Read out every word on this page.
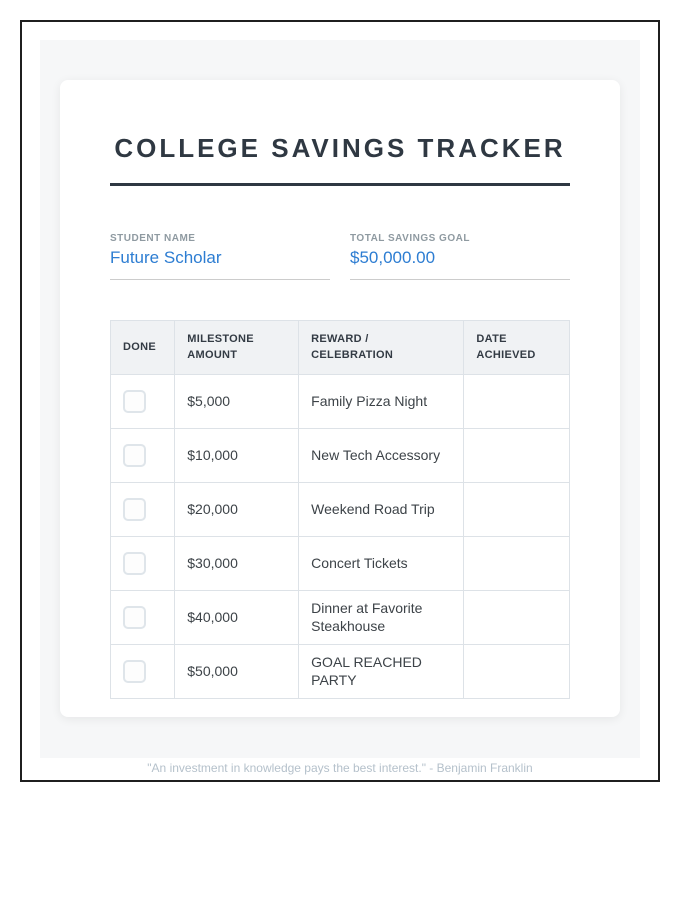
COLLEGE SAVINGS TRACKER
STUDENT NAME
Future Scholar
TOTAL SAVINGS GOAL
$50,000.00
DONE	MILESTONE AMOUNT	REWARD / CELEBRATION	DATE ACHIEVED
	$5,000	Family Pizza Night	
	$10,000	New Tech Accessory	
	$20,000	Weekend Road Trip	
	$30,000	Concert Tickets	
	$40,000	Dinner at Favorite Steakhouse	
	$50,000	GOAL REACHED PARTY	
"An investment in knowledge pays the best interest." - Benjamin Franklin
